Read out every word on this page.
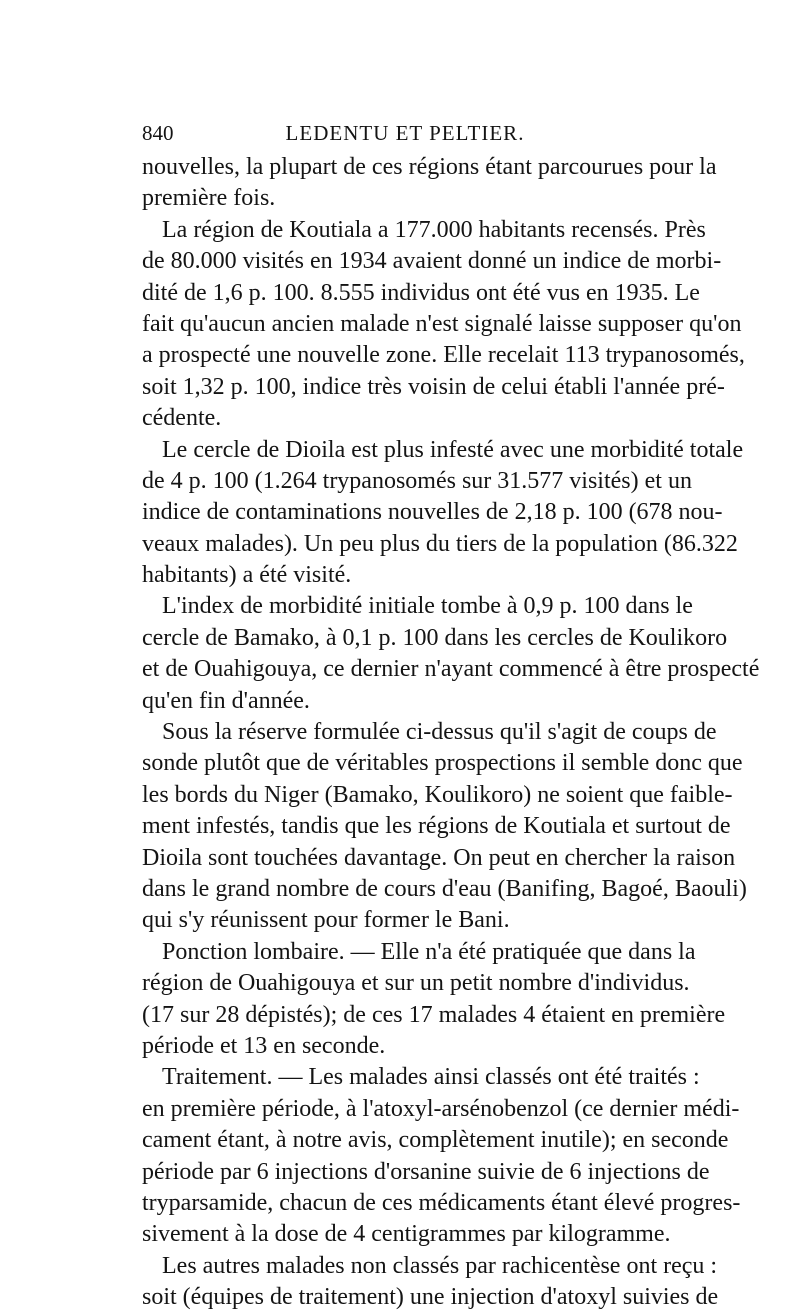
840	LEDENTU ET PELTIER.
nouvelles, la plupart de ces régions étant parcourues pour la
première fois.
La région de Koutiala a 177.000 habitants recensés. Près
de 80.000 visités en 1934 avaient donné un indice de morbi-
dité de 1,6 p. 100. 8.555 individus ont été vus en 1935. Le
fait qu'aucun ancien malade n'est signalé laisse supposer qu'on
a prospecté une nouvelle zone. Elle recelait 113 trypanosomés,
soit 1,32 p. 100, indice très voisin de celui établi l'année pré-
cédente.
Le cercle de Dioila est plus infesté avec une morbidité totale
de 4 p. 100 (1.264 trypanosomés sur 31.577 visités) et un
indice de contaminations nouvelles de 2,18 p. 100 (678 nou-
veaux malades). Un peu plus du tiers de la population (86.322
habitants) a été visité.
L'index de morbidité initiale tombe à 0,9 p. 100 dans le
cercle de Bamako, à 0,1 p. 100 dans les cercles de Koulikoro
et de Ouahigouya, ce dernier n'ayant commencé à être prospecté
qu'en fin d'année.
Sous la réserve formulée ci-dessus qu'il s'agit de coups de
sonde plutôt que de véritables prospections il semble donc que
les bords du Niger (Bamako, Koulikoro) ne soient que faible-
ment infestés, tandis que les régions de Koutiala et surtout de
Dioila sont touchées davantage. On peut en chercher la raison
dans le grand nombre de cours d'eau (Banifing, Bagoé, Baouli)
qui s'y réunissent pour former le Bani.
Ponction lombaire. — Elle n'a été pratiquée que dans la
région de Ouahigouya et sur un petit nombre d'individus.
(17 sur 28 dépistés); de ces 17 malades 4 étaient en première
période et 13 en seconde.
Traitement. — Les malades ainsi classés ont été traités :
en première période, à l'atoxyl-arsénobenzol (ce dernier médi-
cament étant, à notre avis, complètement inutile); en seconde
période par 6 injections d'orsanine suivie de 6 injections de
tryparsamide, chacun de ces médicaments étant élevé progres-
sivement à la dose de 4 centigrammes par kilogramme.
Les autres malades non classés par rachicentèse ont reçu :
soit (équipes de traitement) une injection d'atoxyl suivies de
